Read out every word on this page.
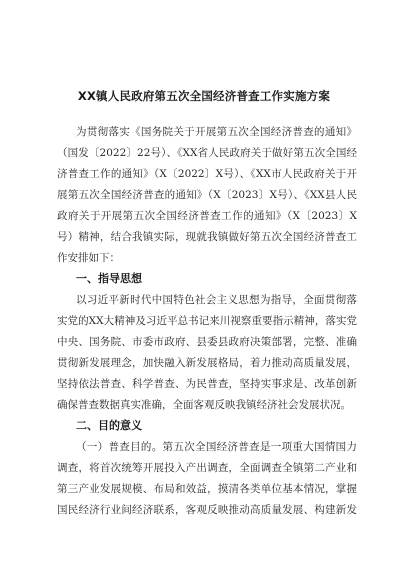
XX镇人民政府第五次全国经济普查工作实施方案
为贯彻落实《国务院关于开展第五次全国经济普查的通知》
（国发〔2022〕22号）、《XX省人民政府关于做好第五次全国经
济普查工作的通知》（X〔2022〕X号）、《XX市人民政府关于开
展第五次全国经济普查的通知》（X〔2023〕X号）、《XX县人民
政府关于开展第五次全国经济普查工作的通知》（X〔2023〕X
号）精神，结合我镇实际，现就我镇做好第五次全国经济普查工
作安排如下：
一、指导思想
以习近平新时代中国特色社会主义思想为指导，全面贯彻落
实党的XX大精神及习近平总书记来川视察重要指示精神，落实党
中央、国务院、市委市政府、县委县政府决策部署，完整、准确
贯彻新发展理念，加快融入新发展格局，着力推动高质量发展，
坚持依法普查、科学普查、为民普查，坚持实事求是、改革创新
确保普查数据真实准确，全面客观反映我镇经济社会发展状况。
二、目的意义
（一）普查目的。第五次全国经济普查是一项重大国情国力
调查，将首次统筹开展投入产出调查，全面调查全镇第二产业和
第三产业发展规模、布局和效益，摸清各类单位基本情况，掌握
国民经济行业间经济联系，客观反映推动高质量发展、构建新发
